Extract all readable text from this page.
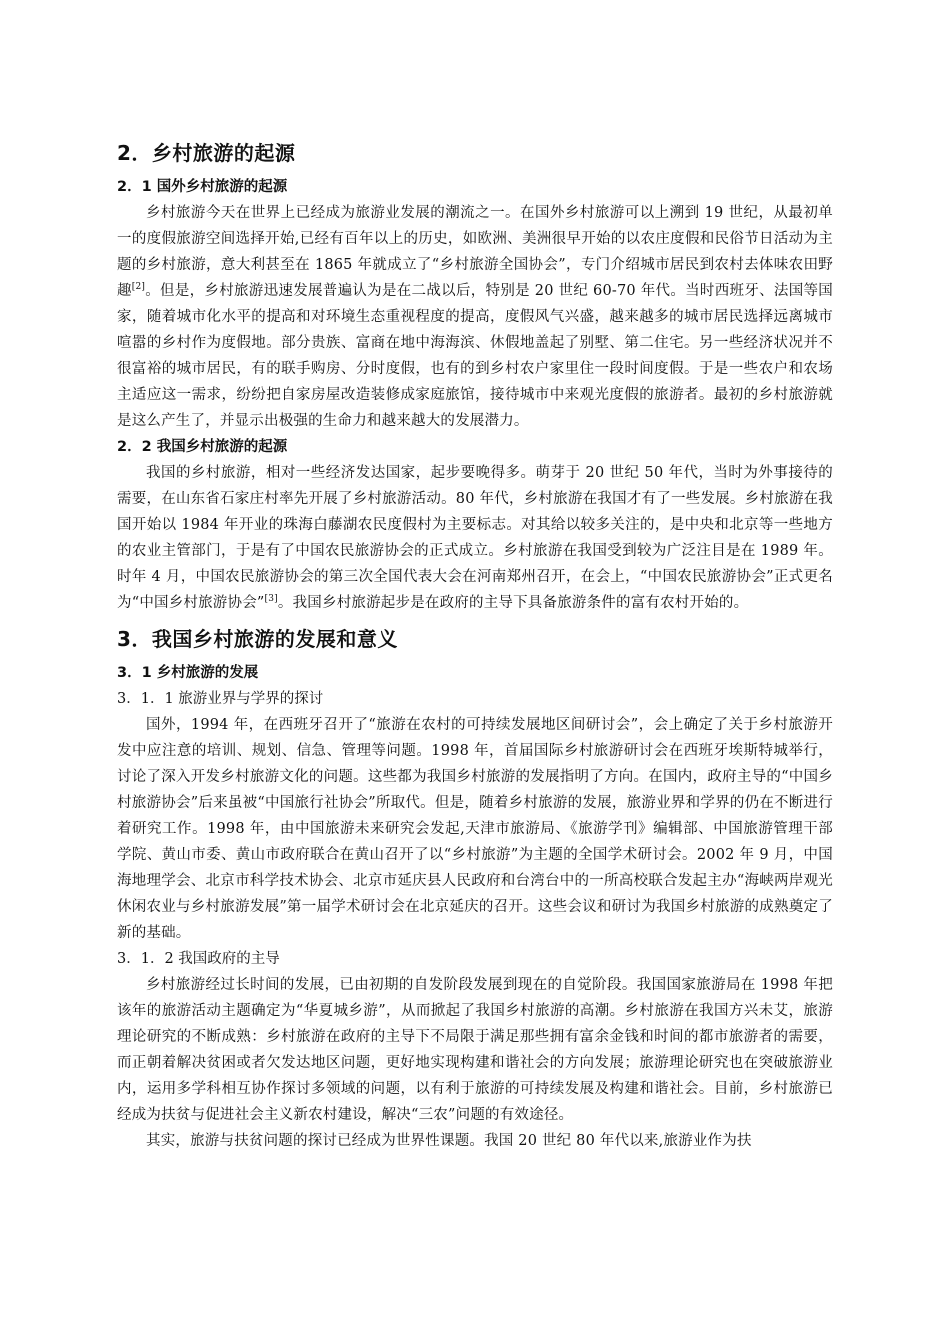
2．乡村旅游的起源
2．1 国外乡村旅游的起源

乡村旅游今天在世界上已经成为旅游业发展的潮流之一。在国外乡村旅游可以上溯到 19 世纪，从最初单一的度假旅游空间选择开始,已经有百年以上的历史，如欧洲、美洲很早开始的以农庄度假和民俗节日活动为主题的乡村旅游，意大利甚至在 1865 年就成立了“乡村旅游全国协会”，专门介绍城市居民到农村去体味农田野趣[2]。但是，乡村旅游迅速发展普遍认为是在二战以后，特别是 20 世纪 60-70 年代。当时西班牙、法国等国家，随着城市化水平的提高和对环境生态重视程度的提高，度假风气兴盛，越来越多的城市居民选择远离城市喧嚣的乡村作为度假地。部分贵族、富商在地中海海滨、休假地盖起了别墅、第二住宅。另一些经济状况并不很富裕的城市居民，有的联手购房、分时度假，也有的到乡村农户家里住一段时间度假。于是一些农户和农场主适应这一需求，纷纷把自家房屋改造装修成家庭旅馆，接待城市中来观光度假的旅游者。最初的乡村旅游就是这么产生了，并显示出极强的生命力和越来越大的发展潜力。

2．2 我国乡村旅游的起源

我国的乡村旅游，相对一些经济发达国家，起步要晚得多。萌芽于 20 世纪 50 年代，当时为外事接待的需要，在山东省石家庄村率先开展了乡村旅游活动。80 年代，乡村旅游在我国才有了一些发展。乡村旅游在我国开始以 1984 年开业的珠海白藤湖农民度假村为主要标志。对其给以较多关注的，是中央和北京等一些地方的农业主管部门，于是有了中国农民旅游协会的正式成立。乡村旅游在我国受到较为广泛注目是在 1989 年。时年 4 月，中国农民旅游协会的第三次全国代表大会在河南郑州召开，在会上，“中国农民旅游协会”正式更名为“中国乡村旅游协会”[3]。我国乡村旅游起步是在政府的主导下具备旅游条件的富有农村开始的。

3．我国乡村旅游的发展和意义
3．1 乡村旅游的发展
3．1．1 旅游业界与学界的探讨

国外，1994 年，在西班牙召开了“旅游在农村的可持续发展地区间研讨会”，会上确定了关于乡村旅游开发中应注意的培训、规划、信急、管理等问题。1998 年，首届国际乡村旅游研讨会在西班牙埃斯特城举行，讨论了深入开发乡村旅游文化的问题。这些都为我国乡村旅游的发展指明了方向。在国内，政府主导的“中国乡村旅游协会”后来虽被“中国旅行社协会”所取代。但是，随着乡村旅游的发展，旅游业界和学界的仍在不断进行着研究工作。1998 年，由中国旅游未来研究会发起,天津市旅游局、《旅游学刊》编辑部、中国旅游管理干部学院、黄山市委、黄山市政府联合在黄山召开了以“乡村旅游”为主题的全国学术研讨会。2002 年 9 月，中国海地理学会、北京市科学技术协会、北京市延庆县人民政府和台湾台中的一所高校联合发起主办“海峡两岸观光休闲农业与乡村旅游发展”第一届学术研讨会在北京延庆的召开。这些会议和研讨为我国乡村旅游的成熟奠定了新的基础。

3．1．2 我国政府的主导

乡村旅游经过长时间的发展，已由初期的自发阶段发展到现在的自觉阶段。我国国家旅游局在 1998 年把该年的旅游活动主题确定为“华夏城乡游”，从而掀起了我国乡村旅游的高潮。乡村旅游在我国方兴未艾，旅游理论研究的不断成熟：乡村旅游在政府的主导下不局限于满足那些拥有富余金钱和时间的都市旅游者的需要，而正朝着解决贫困或者欠发达地区问题，更好地实现构建和谐社会的方向发展；旅游理论研究也在突破旅游业内，运用多学科相互协作探讨多领域的问题，以有利于旅游的可持续发展及构建和谐社会。目前，乡村旅游已经成为扶贫与促进社会主义新农村建设，解决“三农”问题的有效途径。

其实，旅游与扶贫问题的探讨已经成为世界性课题。我国 20 世纪 80 年代以来,旅游业作为扶
